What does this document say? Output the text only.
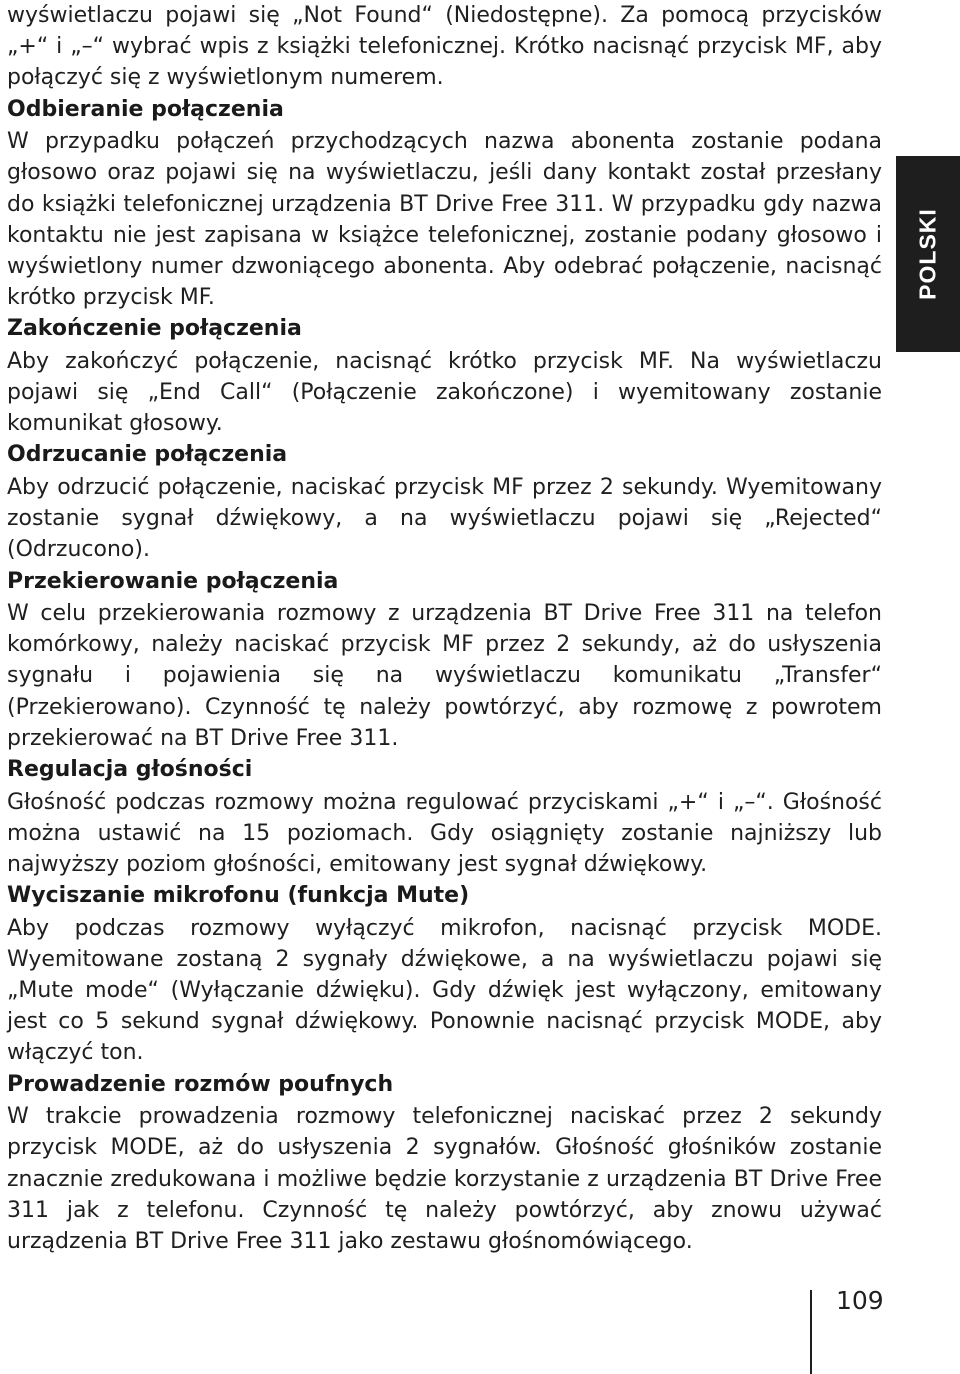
wyświetlaczu pojawi się „Not Found“ (Niedostępne). Za pomocą przycisków „+“ i „–“ wybrać wpis z książki telefonicznej. Krótko nacisnąć przycisk MF, aby połączyć się z wyświetlonym numerem.

Odbieranie połączenia

W przypadku połączeń przychodzących nazwa abonenta zostanie podana głosowo oraz pojawi się na wyświetlaczu, jeśli dany kontakt został przesłany do książki telefonicznej urządzenia BT Drive Free 311. W przypadku gdy nazwa kontaktu nie jest zapisana w książce telefonicznej, zostanie podany głosowo i wyświetlony numer dzwoniącego abonenta. Aby odebrać połączenie, nacisnąć krótko przycisk MF.

Zakończenie połączenia

Aby zakończyć połączenie, nacisnąć krótko przycisk MF. Na wyświetlaczu pojawi się „End Call“ (Połączenie zakończone) i wyemitowany zostanie komunikat głosowy.

Odrzucanie połączenia

Aby odrzucić połączenie, naciskać przycisk MF przez 2 sekundy. Wyemitowany zostanie sygnał dźwiękowy, a na wyświetlaczu pojawi się „Rejected“ (Odrzucono).

Przekierowanie połączenia

W celu przekierowania rozmowy z urządzenia BT Drive Free 311 na telefon komórkowy, należy naciskać przycisk MF przez 2 sekundy, aż do usłyszenia sygnału i pojawienia się na wyświetlaczu komunikatu „Transfer“ (Przekierowano). Czynność tę należy powtórzyć, aby rozmowę z powrotem przekierować na BT Drive Free 311.

Regulacja głośności

Głośność podczas rozmowy można regulować przyciskami „+“ i „–“. Głośność można ustawić na 15 poziomach. Gdy osiągnięty zostanie najniższy lub najwyższy poziom głośności, emitowany jest sygnał dźwiękowy.

Wyciszanie mikrofonu (funkcja Mute)

Aby podczas rozmowy wyłączyć mikrofon, nacisnąć przycisk MODE. Wyemitowane zostaną 2 sygnały dźwiękowe, a na wyświetlaczu pojawi się „Mute mode“ (Wyłączanie dźwięku). Gdy dźwięk jest wyłączony, emitowany jest co 5 sekund sygnał dźwiękowy. Ponownie nacisnąć przycisk MODE, aby włączyć ton.

Prowadzenie rozmów poufnych

W trakcie prowadzenia rozmowy telefonicznej naciskać przez 2 sekundy przycisk MODE, aż do usłyszenia 2 sygnałów. Głośność głośników zostanie znacznie zredukowana i możliwe będzie korzystanie z urządzenia BT Drive Free 311 jak z telefonu. Czynność tę należy powtórzyć, aby znowu używać urządzenia BT Drive Free 311 jako zestawu głośnomówiącego.

POLSKI
109
